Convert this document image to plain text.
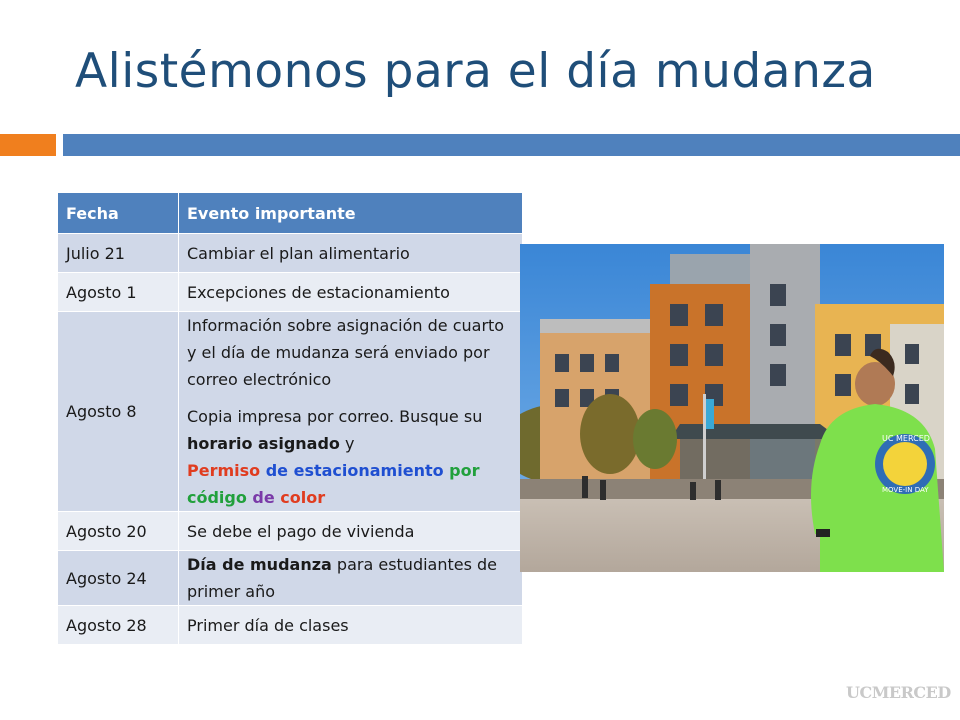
Alistémonos para el día mudanza
Fecha	Evento importante
Julio 21	Cambiar el plan alimentario
Agosto 1	Excepciones de estacionamiento
Agosto 8	Información sobre asignación de cuarto y el día de mudanza será enviado por correo electrónico
Copia impresa por correo. Busque su horario asignado y
Permiso de estacionamiento por
código de color

Agosto 20	Se debe el pago de vivienda
Agosto 24	Día de mudanza para estudiantes de primer año
Agosto 28	Primer día de clases
UC MERCED
MOVE-IN DAY
UCMERCED
